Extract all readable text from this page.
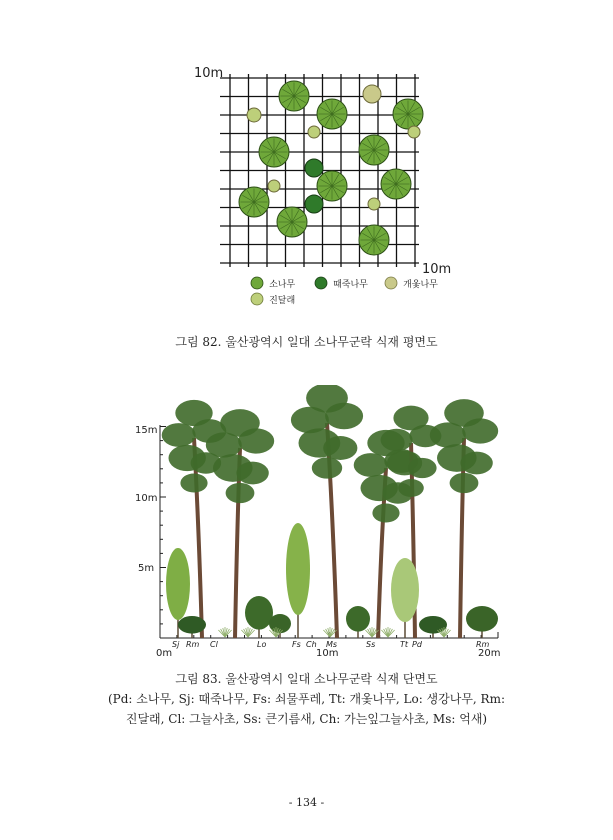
10m
10m
소나무	때죽나무	개옻나무
진달래
그림 82. 울산광역시 일대 소나무군락 식재 평면도
15m
10m
5m
0m	10m	20m
Sj Rm Cl	Lo	Fs Ch Ms	Ss	Tt Pd	Rm
그림 83. 울산광역시 일대 소나무군락 식재 단면도
(Pd: 소나무, Sj: 때죽나무, Fs: 쇠물푸레, Tt: 개옻나무, Lo: 생강나무, Rm:
진달래, Cl: 그늘사초, Ss: 큰기름새, Ch: 가는잎그늘사초, Ms: 억새)
- 134 -
